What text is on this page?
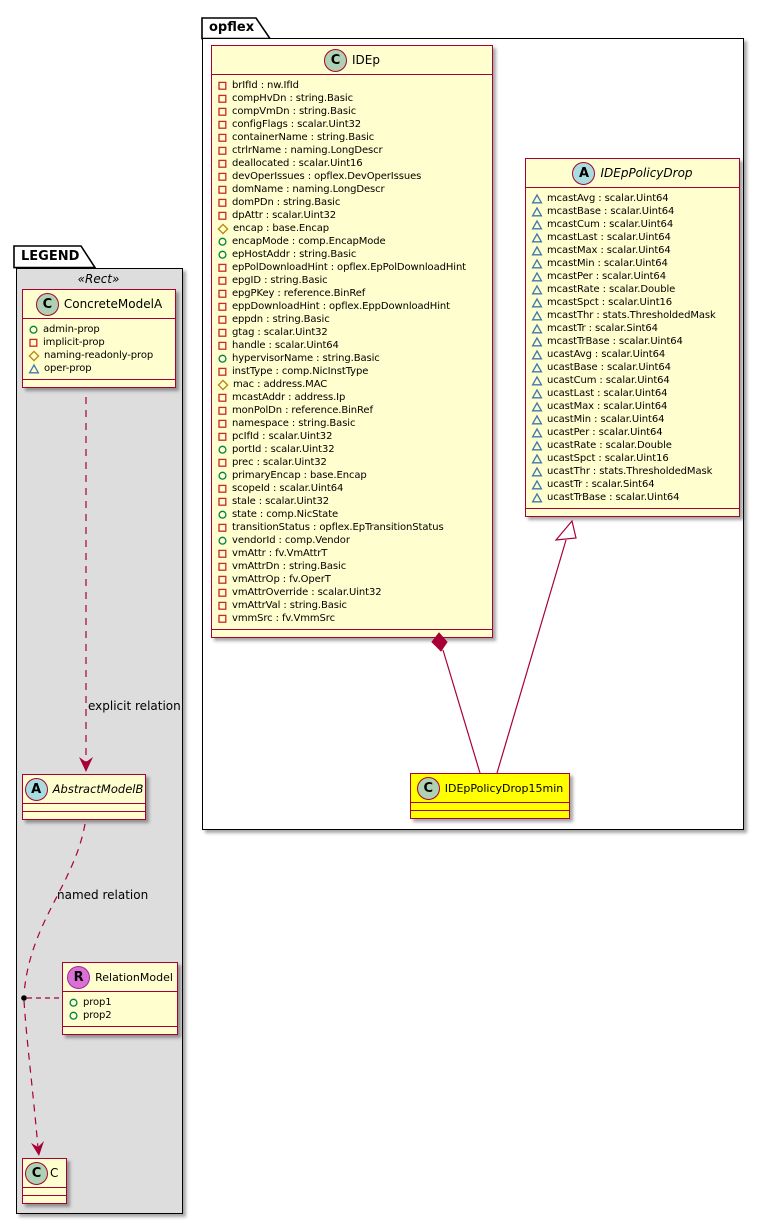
opflex
LEGEND
«Rect»
explicit relation
named relation
C IDEp
brIfId : nw.IfId
compHvDn : string.Basic
compVmDn : string.Basic
configFlags : scalar.Uint32
containerName : string.Basic
ctrlrName : naming.LongDescr
deallocated : scalar.Uint16
devOperIssues : opflex.DevOperIssues
domName : naming.LongDescr
domPDn : string.Basic
dpAttr : scalar.Uint32
encap : base.Encap
encapMode : comp.EncapMode
epHostAddr : string.Basic
epPolDownloadHint : opflex.EpPolDownloadHint
epgID : string.Basic
epgPKey : reference.BinRef
eppDownloadHint : opflex.EppDownloadHint
eppdn : string.Basic
gtag : scalar.Uint32
handle : scalar.Uint64
hypervisorName : string.Basic
instType : comp.NicInstType
mac : address.MAC
mcastAddr : address.Ip
monPolDn : reference.BinRef
namespace : string.Basic
pcIfId : scalar.Uint32
portId : scalar.Uint32
prec : scalar.Uint32
primaryEncap : base.Encap
scopeId : scalar.Uint64
stale : scalar.Uint32
state : comp.NicState
transitionStatus : opflex.EpTransitionStatus
vendorId : comp.Vendor
vmAttr : fv.VmAttrT
vmAttrDn : string.Basic
vmAttrOp : fv.OperT
vmAttrOverride : scalar.Uint32
vmAttrVal : string.Basic
vmmSrc : fv.VmmSrc
A IDEpPolicyDrop
mcastAvg : scalar.Uint64
mcastBase : scalar.Uint64
mcastCum : scalar.Uint64
mcastLast : scalar.Uint64
mcastMax : scalar.Uint64
mcastMin : scalar.Uint64
mcastPer : scalar.Uint64
mcastRate : scalar.Double
mcastSpct : scalar.Uint16
mcastThr : stats.ThresholdedMask
mcastTr : scalar.Sint64
mcastTrBase : scalar.Uint64
ucastAvg : scalar.Uint64
ucastBase : scalar.Uint64
ucastCum : scalar.Uint64
ucastLast : scalar.Uint64
ucastMax : scalar.Uint64
ucastMin : scalar.Uint64
ucastPer : scalar.Uint64
ucastRate : scalar.Double
ucastSpct : scalar.Uint16
ucastThr : stats.ThresholdedMask
ucastTr : scalar.Sint64
ucastTrBase : scalar.Uint64
C	IDEpPolicyDrop15min
C ConcreteModelA
admin-prop
implicit-prop
naming-readonly-prop
oper-prop
A AbstractModelB
R	RelationModel
prop1
prop2
C C
